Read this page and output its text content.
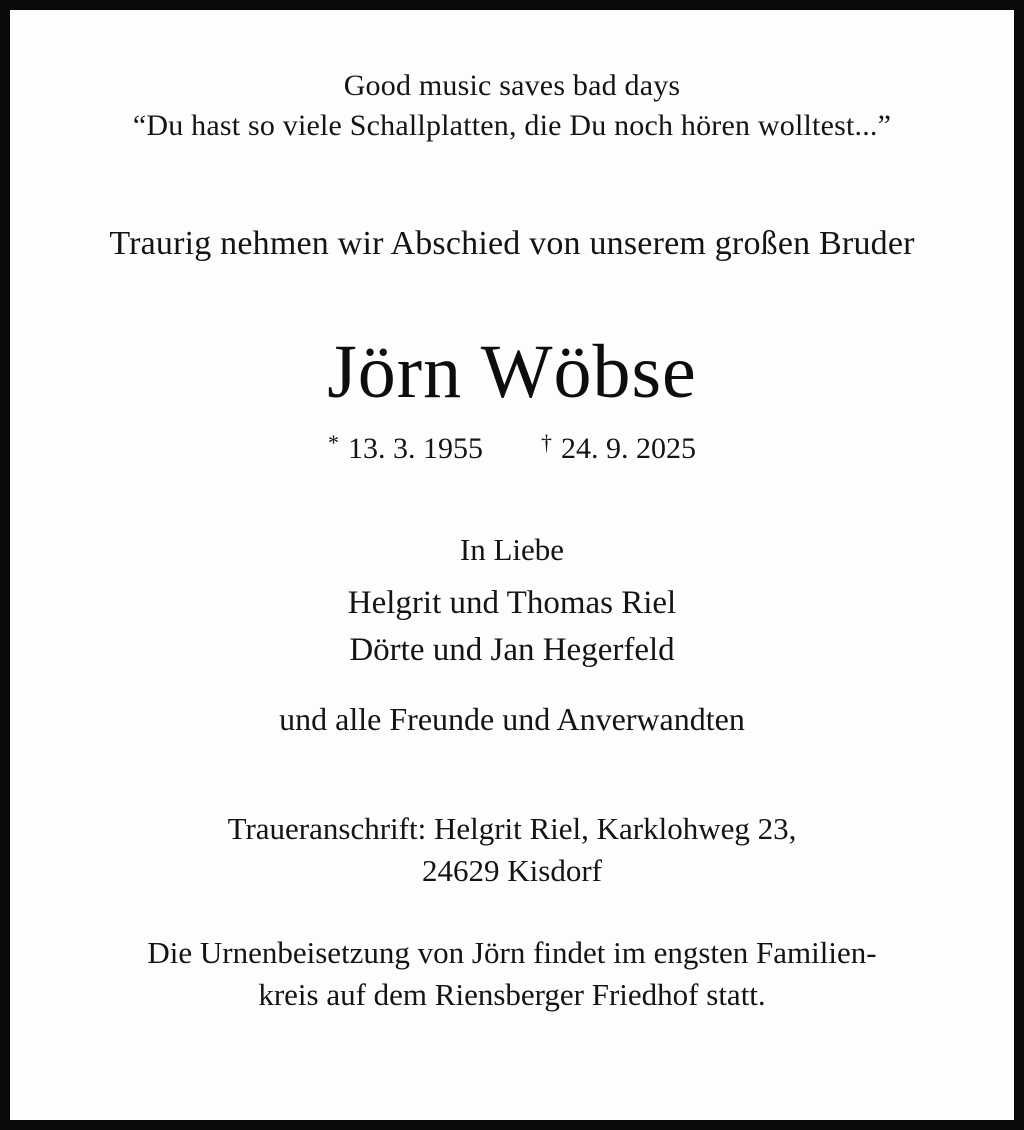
Good music saves bad days
“Du hast so viele Schallplatten, die Du noch hören wolltest...”
Traurig nehmen wir Abschied von unserem großen Bruder
Jörn Wöbse
* 13. 3. 1955	† 24. 9. 2025
In Liebe
Helgrit und Thomas Riel
Dörte und Jan Hegerfeld
und alle Freunde und Anverwandten
Traueranschrift: Helgrit Riel, Karklohweg 23,
24629 Kisdorf
Die Urnenbeisetzung von Jörn findet im engsten Familien-
kreis auf dem Riensberger Friedhof statt.
